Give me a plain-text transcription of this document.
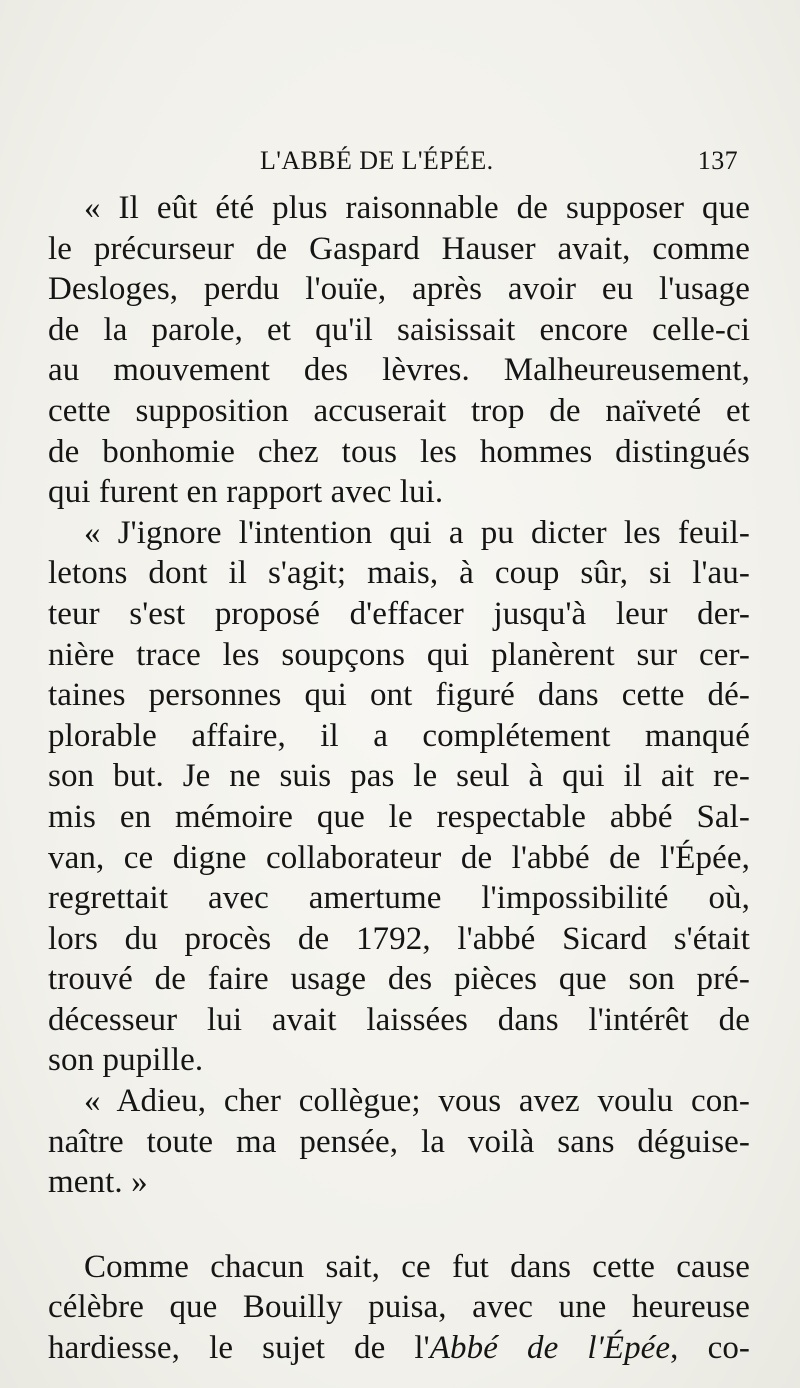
L'ABBÉ DE L'ÉPÉE.	137
« Il eût été plus raisonnable de supposer que
le précurseur de Gaspard Hauser avait, comme
Desloges, perdu l'ouïe, après avoir eu l'usage
de la parole, et qu'il saisissait encore celle-ci
au mouvement des lèvres. Malheureusement,
cette supposition accuserait trop de naïveté et
de bonhomie chez tous les hommes distingués
qui furent en rapport avec lui.
« J'ignore l'intention qui a pu dicter les feuil-
letons dont il s'agit; mais, à coup sûr, si l'au-
teur s'est proposé d'effacer jusqu'à leur der-
nière trace les soupçons qui planèrent sur cer-
taines personnes qui ont figuré dans cette dé-
plorable affaire, il a complétement manqué
son but. Je ne suis pas le seul à qui il ait re-
mis en mémoire que le respectable abbé Sal-
van, ce digne collaborateur de l'abbé de l'Épée,
regrettait avec amertume l'impossibilité où,
lors du procès de 1792, l'abbé Sicard s'était
trouvé de faire usage des pièces que son pré-
décesseur lui avait laissées dans l'intérêt de
son pupille.
« Adieu, cher collègue; vous avez voulu con-
naître toute ma pensée, la voilà sans déguise-
ment. »
Comme chacun sait, ce fut dans cette cause
célèbre que Bouilly puisa, avec une heureuse
hardiesse, le sujet de l'Abbé de l'Épée, co-
